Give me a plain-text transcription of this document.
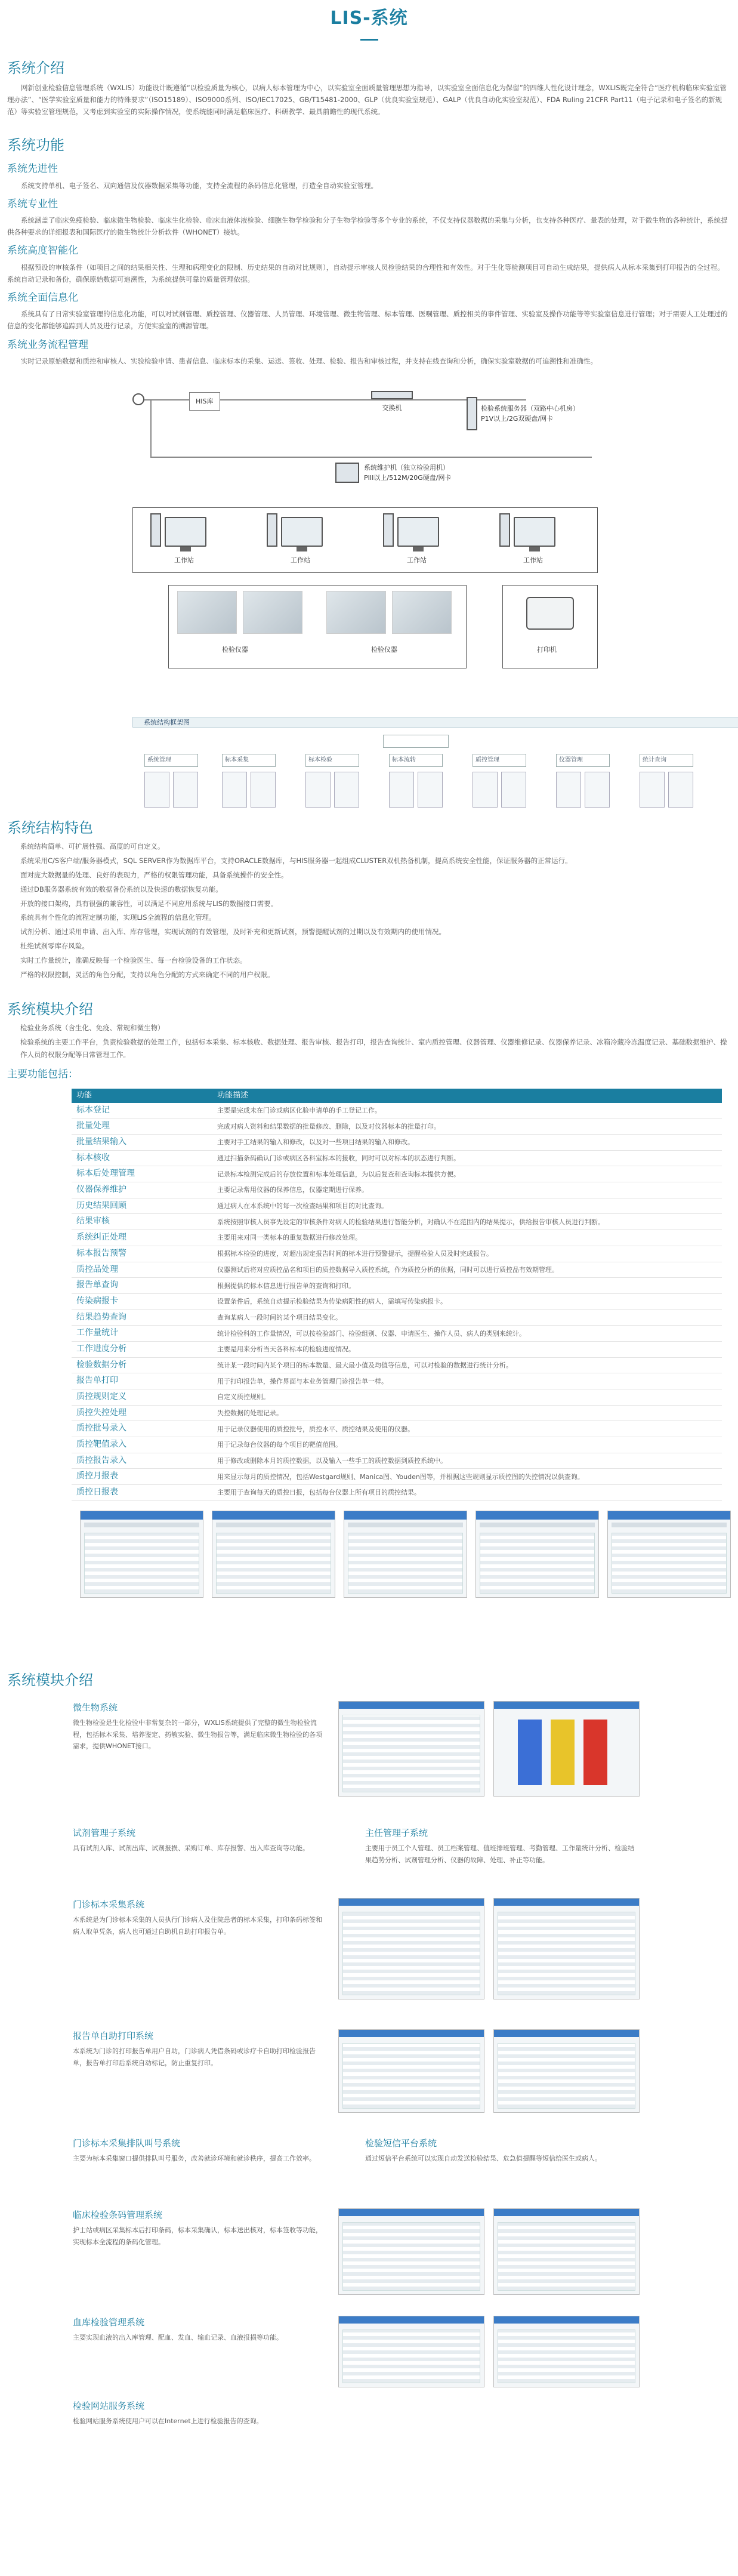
LIS-系统
系统介绍

网新创业检验信息管理系统（WXLIS）功能设计既遵循“以检验质量为核心，以病人标本管理为中心，以实验室全面质量管理思想为指导，以实验室全面信息化为保留”的四维人性化设计理念，WXLIS既完全符合“医疗机构临床实验室管理办法”、“医学实验室质量和能力的特殊要求”（ISO15189）、ISO9000系列、ISO/IEC17025、GB/T15481-2000、GLP（优良实验室规范）、GALP（优良自动化实验室规范）、FDA Ruling 21CFR Part11（电子记录和电子签名的新规范）等实验室管理规范，又考虑到实验室的实际操作情况，使系统能同时满足临床医疗、科研教学、最具前瞻性的现代系统。

系统功能
系统先进性

系统支持单机、电子签名、双向通信及仪器数据采集等功能，支持全流程的条码信息化管理，打造全自动实验室管理。

系统专业性

系统涵盖了临床免疫检验、临床微生物检验、临床生化检验、临床血液体液检验、细胞生物学检验和分子生物学检验等多个专业的系统，不仅支持仪器数据的采集与分析，也支持各种医疗、量表的处理，对于微生物的各种统计，系统提供各种要求的详细报表和国际医疗的微生物统计分析软件（WHONET）接轨。

系统高度智能化

根据预设的审核条件（如项目之间的结果相关性、生理和病理变化的限制、历史结果的自动对比规则），自动提示审核人员检验结果的合理性和有效性。对于生化等检测项目可自动生成结果，提供病人从标本采集到打印报告的全过程。系统自动记录和备份，确保原始数据可追溯性，为系统提供可靠的质量管理依据。

系统全面信息化

系统具有了日常实验室管理的信息化功能，可以对试剂管理、质控管理、仪器管理、人员管理、环境管理、微生物管理、标本管理、医嘱管理、质控相关的事件管理、实验室及操作功能等等实验室信息进行管理；对于需要人工处理过的信息的变化都能够追踪到人员及进行记录，方便实验室的溯源管理。

系统业务流程管理

实时记录原始数据和质控和审核人、实验检验申请、患者信息、临床标本的采集、运送、签收、处理、检验、报告和审核过程，并支持在线查询和分析，确保实验室数据的可追溯性和准确性。

HIS库
交换机	检验系统服务器（双路中心机房）
P1V以上/2G双硬盘/网卡
系统维护机（独立检验用机）
PIII以上/512M/20G硬盘/网卡
工作站	工作站	工作站	工作站
检验仪器	检验仪器	打印机
系统结构框架图
系统管理	标本采集	标本检验	标本流转	质控管理	仪器管理	统计查询
系统结构特色

系统结构简单、可扩展性强、高度的可自定义。

系统采用C/S客户端/服务器模式，SQL SERVER作为数据库平台，支持ORACLE数据库，与HIS服务器一起组成CLUSTER双机热备机制，提高系统安全性能，保证服务器的正常运行。

面对庞大数据量的处理、良好的表现力，严格的权限管理功能，具备系统操作的安全性。

通过DB服务器系统有效的数据备份系统以及快速的数据恢复功能。

开放的接口架构，具有很强的兼容性，可以满足不同应用系统与LIS的数据接口需要。

系统具有个性化的流程定制功能，实现LIS全流程的信息化管理。

试剂分析、通过采用申请、出入库、库存管理，实现试剂的有效管理，及时补充和更新试剂，预警提醒试剂的过期以及有效期内的使用情况。

杜绝试剂零库存风险。

实时工作量统计，准确反映每一个检验医生、每一台检验设备的工作状态。

严格的权限控制，灵活的角色分配，支持以角色分配的方式来确定不同的用户权限。

系统模块介绍

检验业务系统（含生化、免疫、常规和微生物）

检验系统的主要工作平台，负责检验数据的处理工作，包括标本采集、标本核收、数据处理、报告审核、报告打印，报告查询统计、室内质控管理、仪器管理、仪器维修记录、仪器保养记录、冰箱冷藏冷冻温度记录、基础数据维护、操作人员的权限分配等日常管理工作。

主要功能包括：
功能	功能描述
标本登记	主要是完成未在门诊或病区化验申请单的手工登记工作。
批量处理	完成对病人资料和结果数据的批量修改、删除，以及对仪器标本的批量打印。
批量结果输入	主要对手工结果的输入和修改，以及对一些项目结果的输入和修改。
标本核收	通过扫描条码确认门诊或病区各科室标本的接收，同时可以对标本的状态进行判断。
标本后处理管理	记录标本检测完成后的存放位置和标本处理信息，为以后复查和查询标本提供方便。
仪器保养维护	主要记录常用仪器的保养信息，仪器定期进行保养。
历史结果回顾	通过病人在本系统中的每一次检查结果和项目的对比查询。
结果审核	系统按照审核人员事先设定的审核条件对病人的检验结果进行智能分析，对确认不在范围内的结果提示，供给报告审核人员进行判断。
系统纠正处理	主要用来对同一类标本的重复数据进行修改处理。
标本报告预警	根据标本检验的进度，对超出规定报告时间的标本进行预警提示，提醒检验人员及时完成报告。
质控品处理	仪器测试后将对应质控品名和项目的质控数据导入质控系统，作为质控分析的依据，同时可以进行质控品有效期管理。
报告单查询	根据提供的标本信息进行报告单的查询和打印。
传染病报卡	设置条件后，系统自动提示检验结果为传染病阳性的病人，需填写传染病报卡。
结果趋势查询	查询某病人一段时间的某个项目结果变化。
工作量统计	统计检验科的工作量情况，可以按检验部门、检验组别、仪器、申请医生、操作人员、病人的类别来统计。
工作进度分析	主要是用来分析当天各科标本的检验进度情况。
检验数据分析	统计某一段时间内某个项目的标本数量、最大最小值及均值等信息，可以对检验的数据进行统计分析。
报告单打印	用于打印报告单，操作界面与本业务管理门诊报告单一样。
质控规则定义	自定义质控规则。
质控失控处理	失控数据的处理记录。
质控批号录入	用于记录仪器使用的质控批号，质控水平、质控结果及使用的仪器。
质控靶值录入	用于记录每台仪器的每个项目的靶值范围。
质控报告录入	用于修改或删除本月的质控数据，以及输入一些手工的质控数据到质控系统中。
质控月报表	用来显示每月的质控情况，包括Westgard规则、Manica图、Youden图等，并根据这些规则显示质控图的失控情况以供查询。
质控日报表	主要用于查询每天的质控日报，包括每台仪器上所有项目的质控结果。
系统模块介绍
微生物系统
微生物检验是生化检验中非常复杂的一部分，WXLIS系统提供了完整的微生物检验流程，包括标本采集、培养鉴定、药敏实验、微生物报告等，满足临床微生物检验的各项需求，提供WHONET接口。
试剂管理子系统
具有试剂入库、试剂出库、试剂报损、采购订单、库存报警、出入库查询等功能。
主任管理子系统
主要用于员工个人管理、员工档案管理、值班排班管理、考勤管理、工作量统计分析、检验结果趋势分析、试剂管理分析、仪器的故障、处理、补正等功能。
门诊标本采集系统
本系统是为门诊标本采集的人员执行门诊病人及住院患者的标本采集，打印条码标签和病人取单凭条，病人也可通过自助机自助打印报告单。
报告单自助打印系统
本系统为门诊的打印报告单用户自助，门诊病人凭借条码或诊疗卡自助打印检验报告单，报告单打印后系统自动标记，防止重复打印。
门诊标本采集排队叫号系统
主要为标本采集窗口提供排队叫号服务，改善就诊环境和就诊秩序，提高工作效率。
检验短信平台系统
通过短信平台系统可以实现自动发送检验结果、危急值提醒等短信给医生或病人。
临床检验条码管理系统
护士站或病区采集标本后打印条码，标本采集确认，标本送出核对，标本签收等功能，实现标本全流程的条码化管理。
血库检验管理系统
主要实现血液的出入库管理、配血、发血、输血记录、血液报损等功能。
检验网站服务系统
检验网站服务系统使用户可以在Internet上进行检验报告的查询。
